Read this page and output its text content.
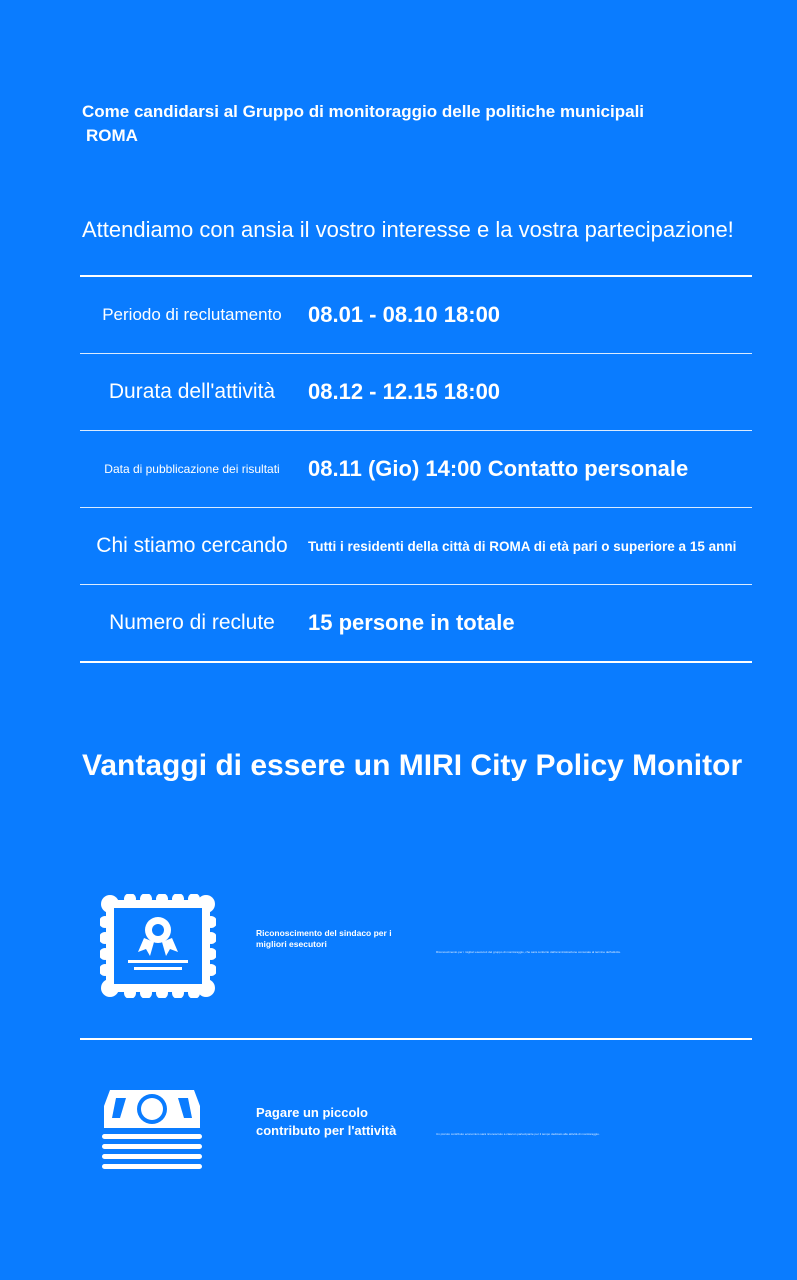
Come candidarsi al Gruppo di monitoraggio delle politiche municipali
ROMA
Attendiamo con ansia il vostro interesse e la vostra partecipazione!
Periodo di reclutamento	08.01 - 08.10 18:00
Durata dell'attività	08.12 - 12.15 18:00
Data di pubblicazione dei risultati	08.11 (Gio) 14:00 Contatto personale
Chi stiamo cercando	Tutti i residenti della città di ROMA di età pari o superiore a 15 anni
Numero di reclute	15 persone in totale
Vantaggi di essere un MIRI City Policy Monitor
Riconoscimento del sindaco per i migliori esecutori
Riconoscimento per i migliori esecutori del gruppo di monitoraggio, che sarà conferito dall'amministrazione comunale al termine dell'attività.
Pagare un piccolo contributo per l'attività	Un piccolo contributo economico sarà riconosciuto a ciascun partecipante per il tempo dedicato alle attività di monitoraggio.
